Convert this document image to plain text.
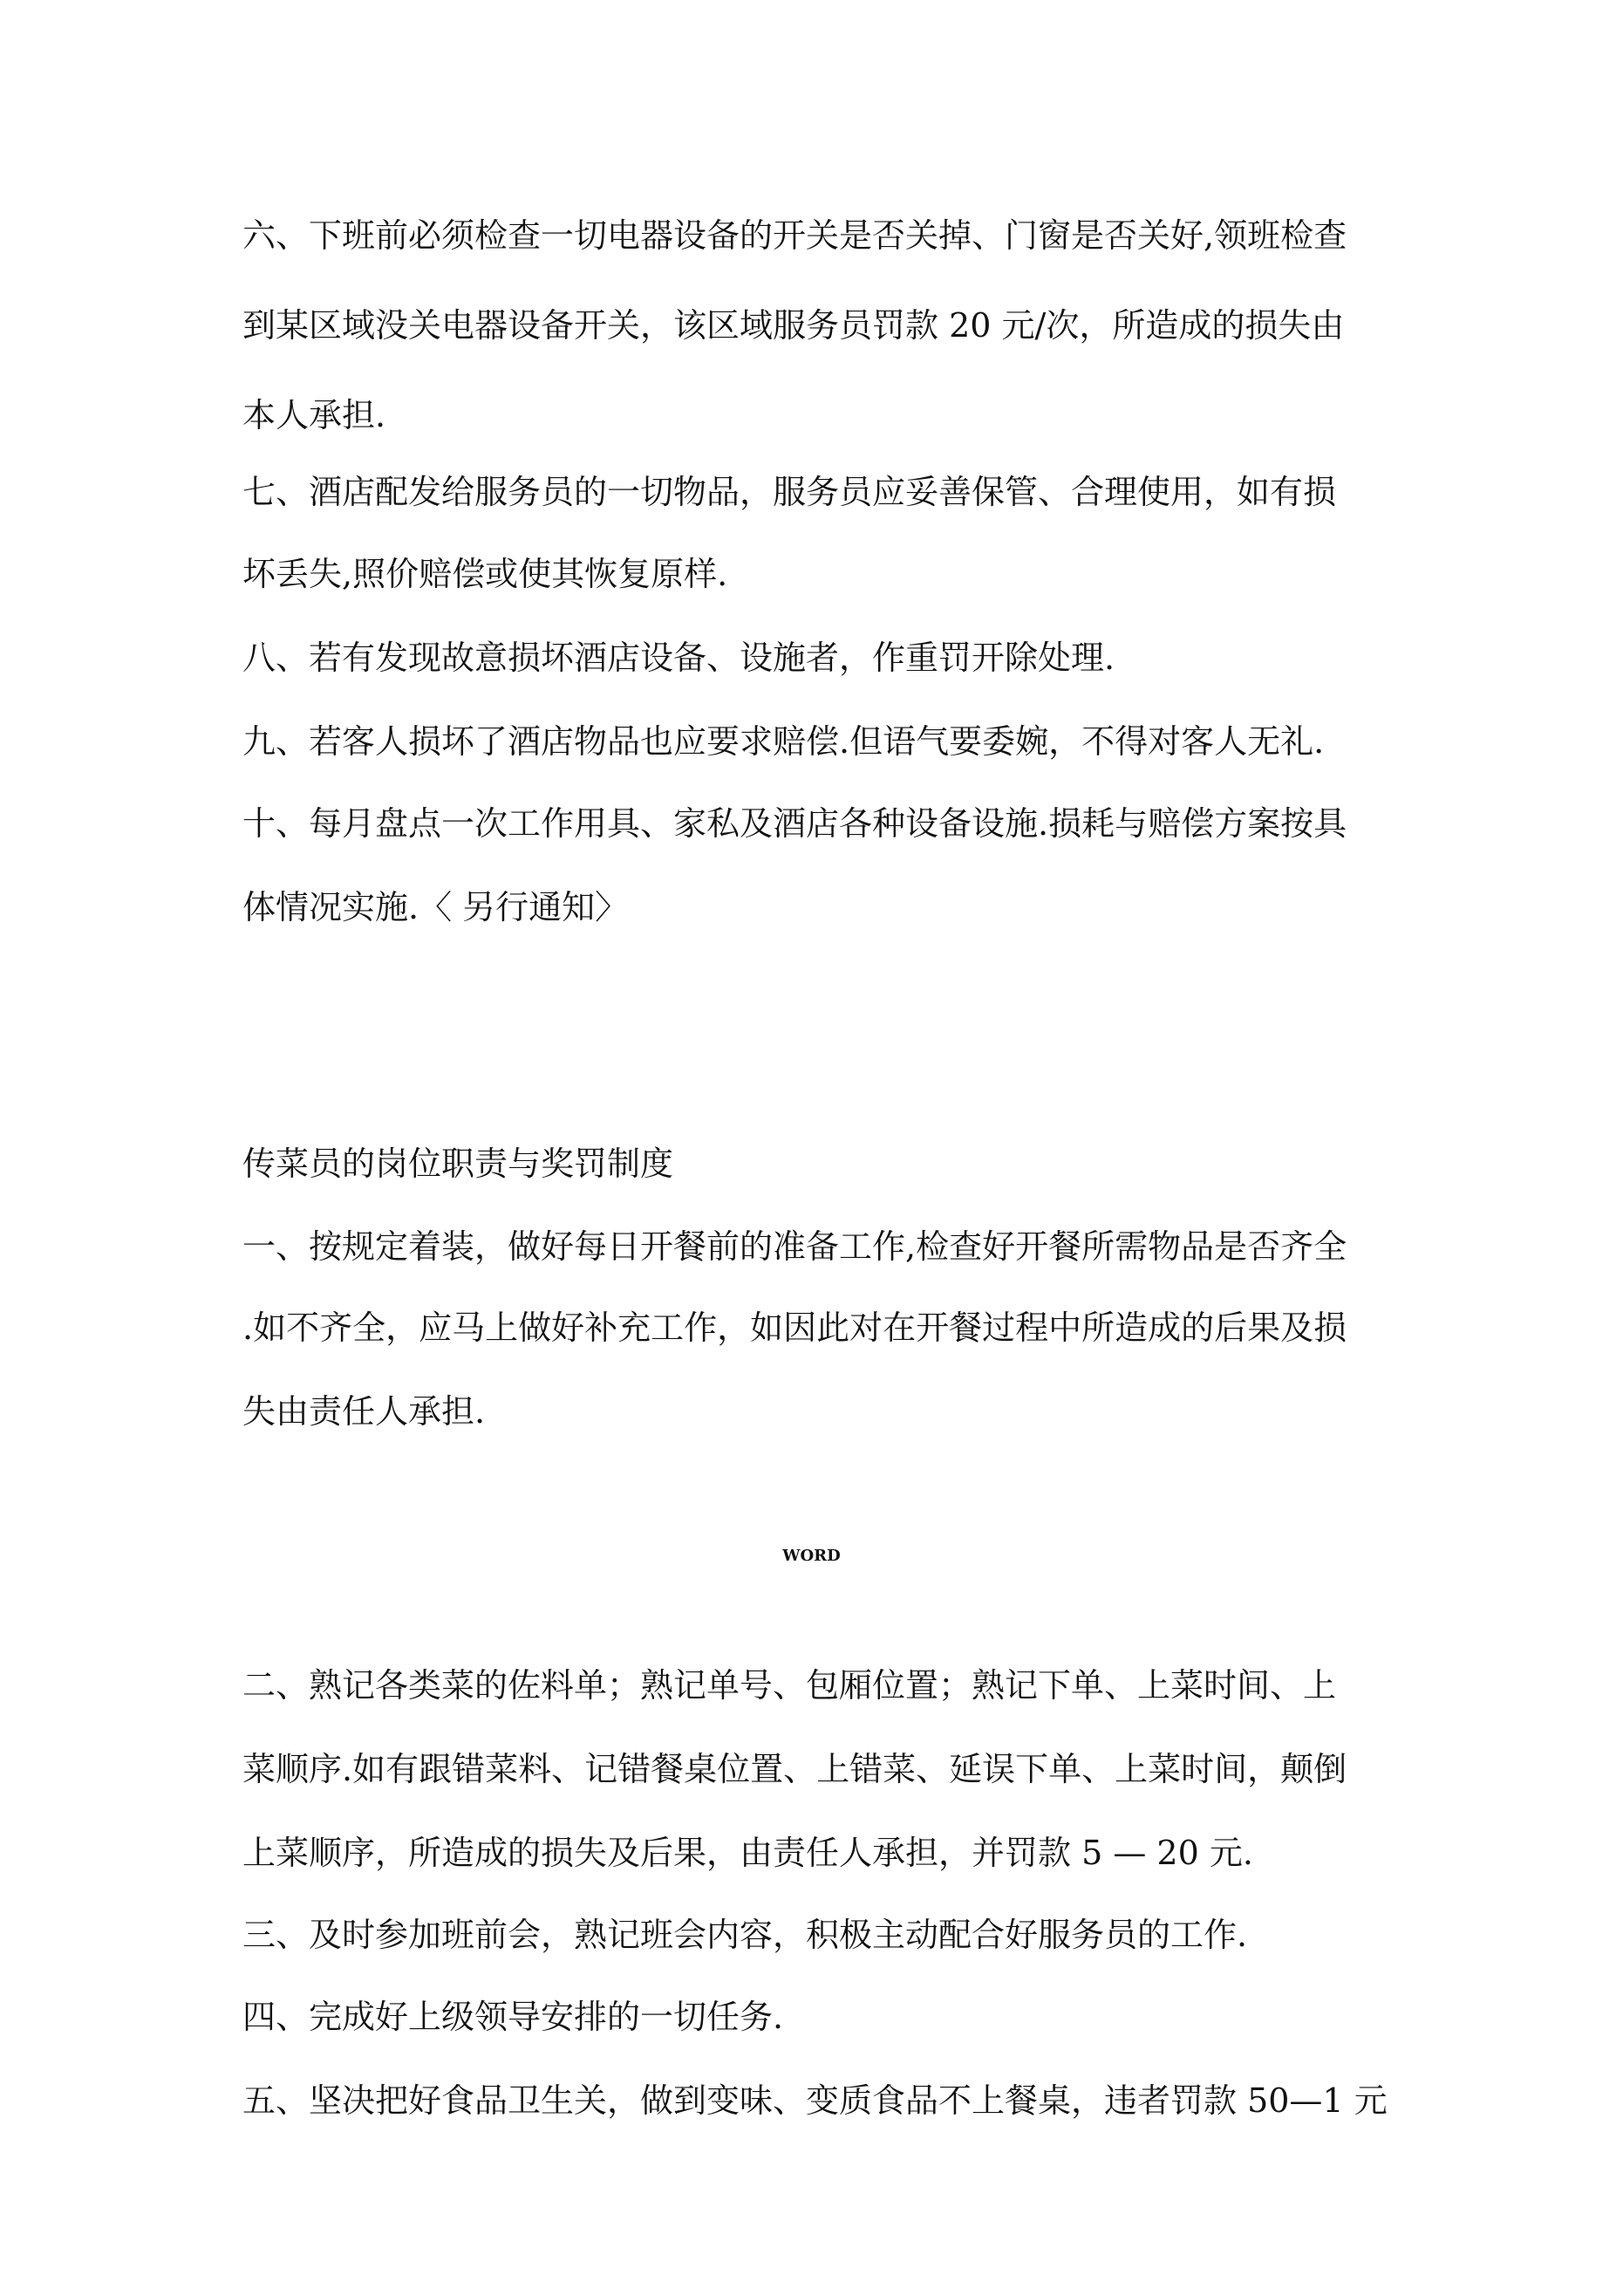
六、下班前必须检查一切电器设备的开关是否关掉、门窗是否关好,领班检查
到某区域没关电器设备开关，该区域服务员罚款 20 元/次，所造成的损失由
本人承担.
七、酒店配发给服务员的一切物品，服务员应妥善保管、合理使用，如有损
坏丢失,照价赔偿或使其恢复原样.
八、若有发现故意损坏酒店设备、设施者，作重罚开除处理.
九、若客人损坏了酒店物品也应要求赔偿.但语气要委婉，不得对客人无礼.
十、每月盘点一次工作用具、家私及酒店各种设备设施.损耗与赔偿方案按具
体情况实施.〈 另行通知〉
传菜员的岗位职责与奖罚制度
一、按规定着装，做好每日开餐前的准备工作,检查好开餐所需物品是否齐全
.如不齐全，应马上做好补充工作，如因此对在开餐过程中所造成的后果及损
失由责任人承担.
WORD
二、熟记各类菜的佐料单；熟记单号、包厢位置；熟记下单、上菜时间、上
菜顺序.如有跟错菜料、记错餐桌位置、上错菜、延误下单、上菜时间，颠倒
上菜顺序，所造成的损失及后果，由责任人承担，并罚款 5 — 20 元.
三、及时参加班前会，熟记班会内容，积极主动配合好服务员的工作.
四、完成好上级领导安排的一切任务.
五、坚决把好食品卫生关，做到变味、变质食品不上餐桌，违者罚款 50—1 元
